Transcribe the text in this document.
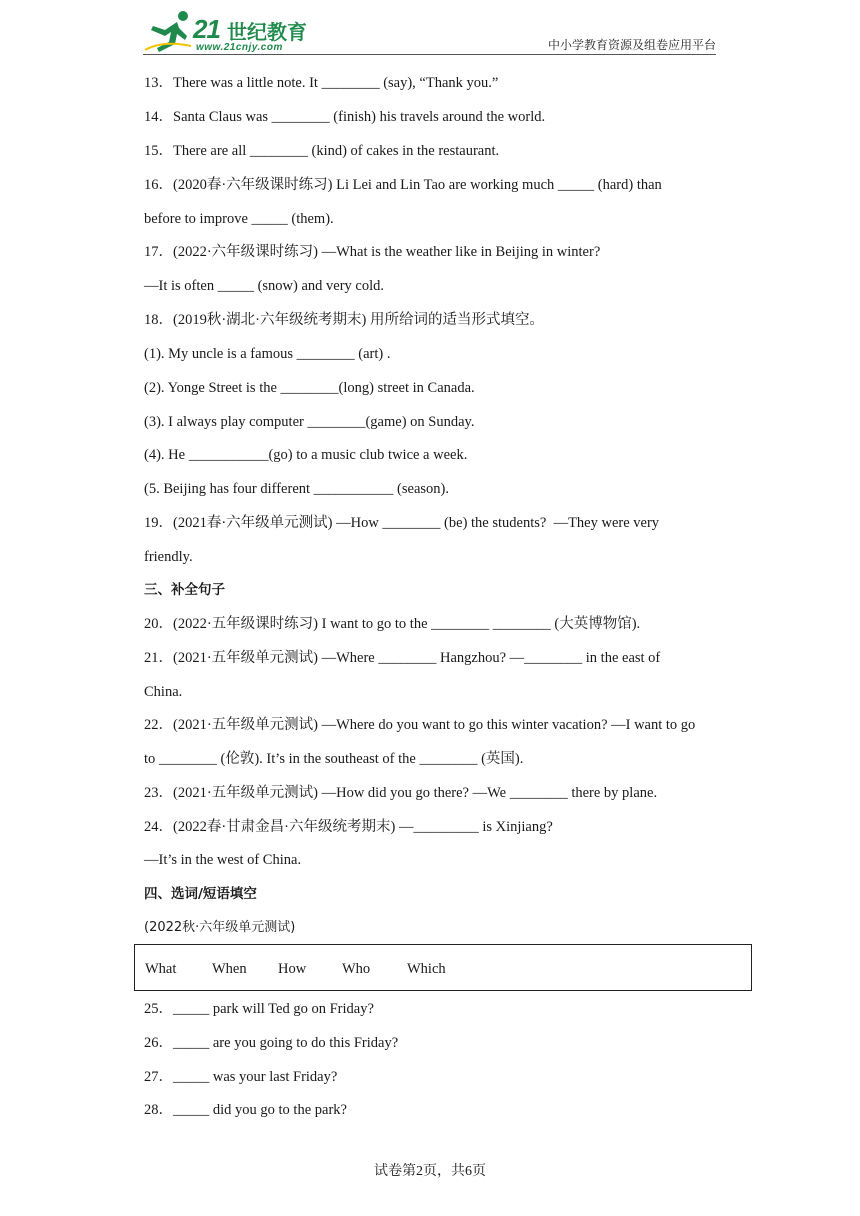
21 世纪教育
www.21cnjy.com	中小学教育资源及组卷应用平台
13．There was a little note. It ________ (say), “Thank you.”
14．Santa Claus was ________ (finish) his travels around the world.
15．There are all ________ (kind) of cakes in the restaurant.
16．(2020春·六年级课时练习) Li Lei and Lin Tao are working much _____ (hard) than
before to improve _____ (them).
17．(2022·六年级课时练习) —What is the weather like in Beijing in winter?
—It is often _____ (snow) and very cold.
18．(2019秋·湖北·六年级统考期末) 用所给词的适当形式填空。
(1). My uncle is a famous ________ (art) .
(2). Yonge Street is the ________(long) street in Canada.
(3). I always play computer ________(game) on Sunday.
(4). He ___________(go) to a music club twice a week.
(5. Beijing has four different ___________ (season).
19．(2021春·六年级单元测试) —How ________ (be) the students?  —They were very
friendly.
三、补全句子
20．(2022·五年级课时练习) I want to go to the ________ ________ (大英博物馆).
21．(2021·五年级单元测试) —Where ________ Hangzhou? —________ in the east of
China.
22．(2021·五年级单元测试) —Where do you want to go this winter vacation? —I want to go
to ________ (伦敦). It’s in the southeast of the ________ (英国).
23．(2021·五年级单元测试) —How did you go there? —We ________ there by plane.
24．(2022春·甘肃金昌·六年级统考期末) —_________ is Xinjiang?
—It’s in the west of China.
四、选词/短语填空
(2022秋·六年级单元测试)
What When How Who	Which
25．_____ park will Ted go on Friday?
26．_____ are you going to do this Friday?
27．_____ was your last Friday?
28．_____ did you go to the park?
试卷第2页，共6页
